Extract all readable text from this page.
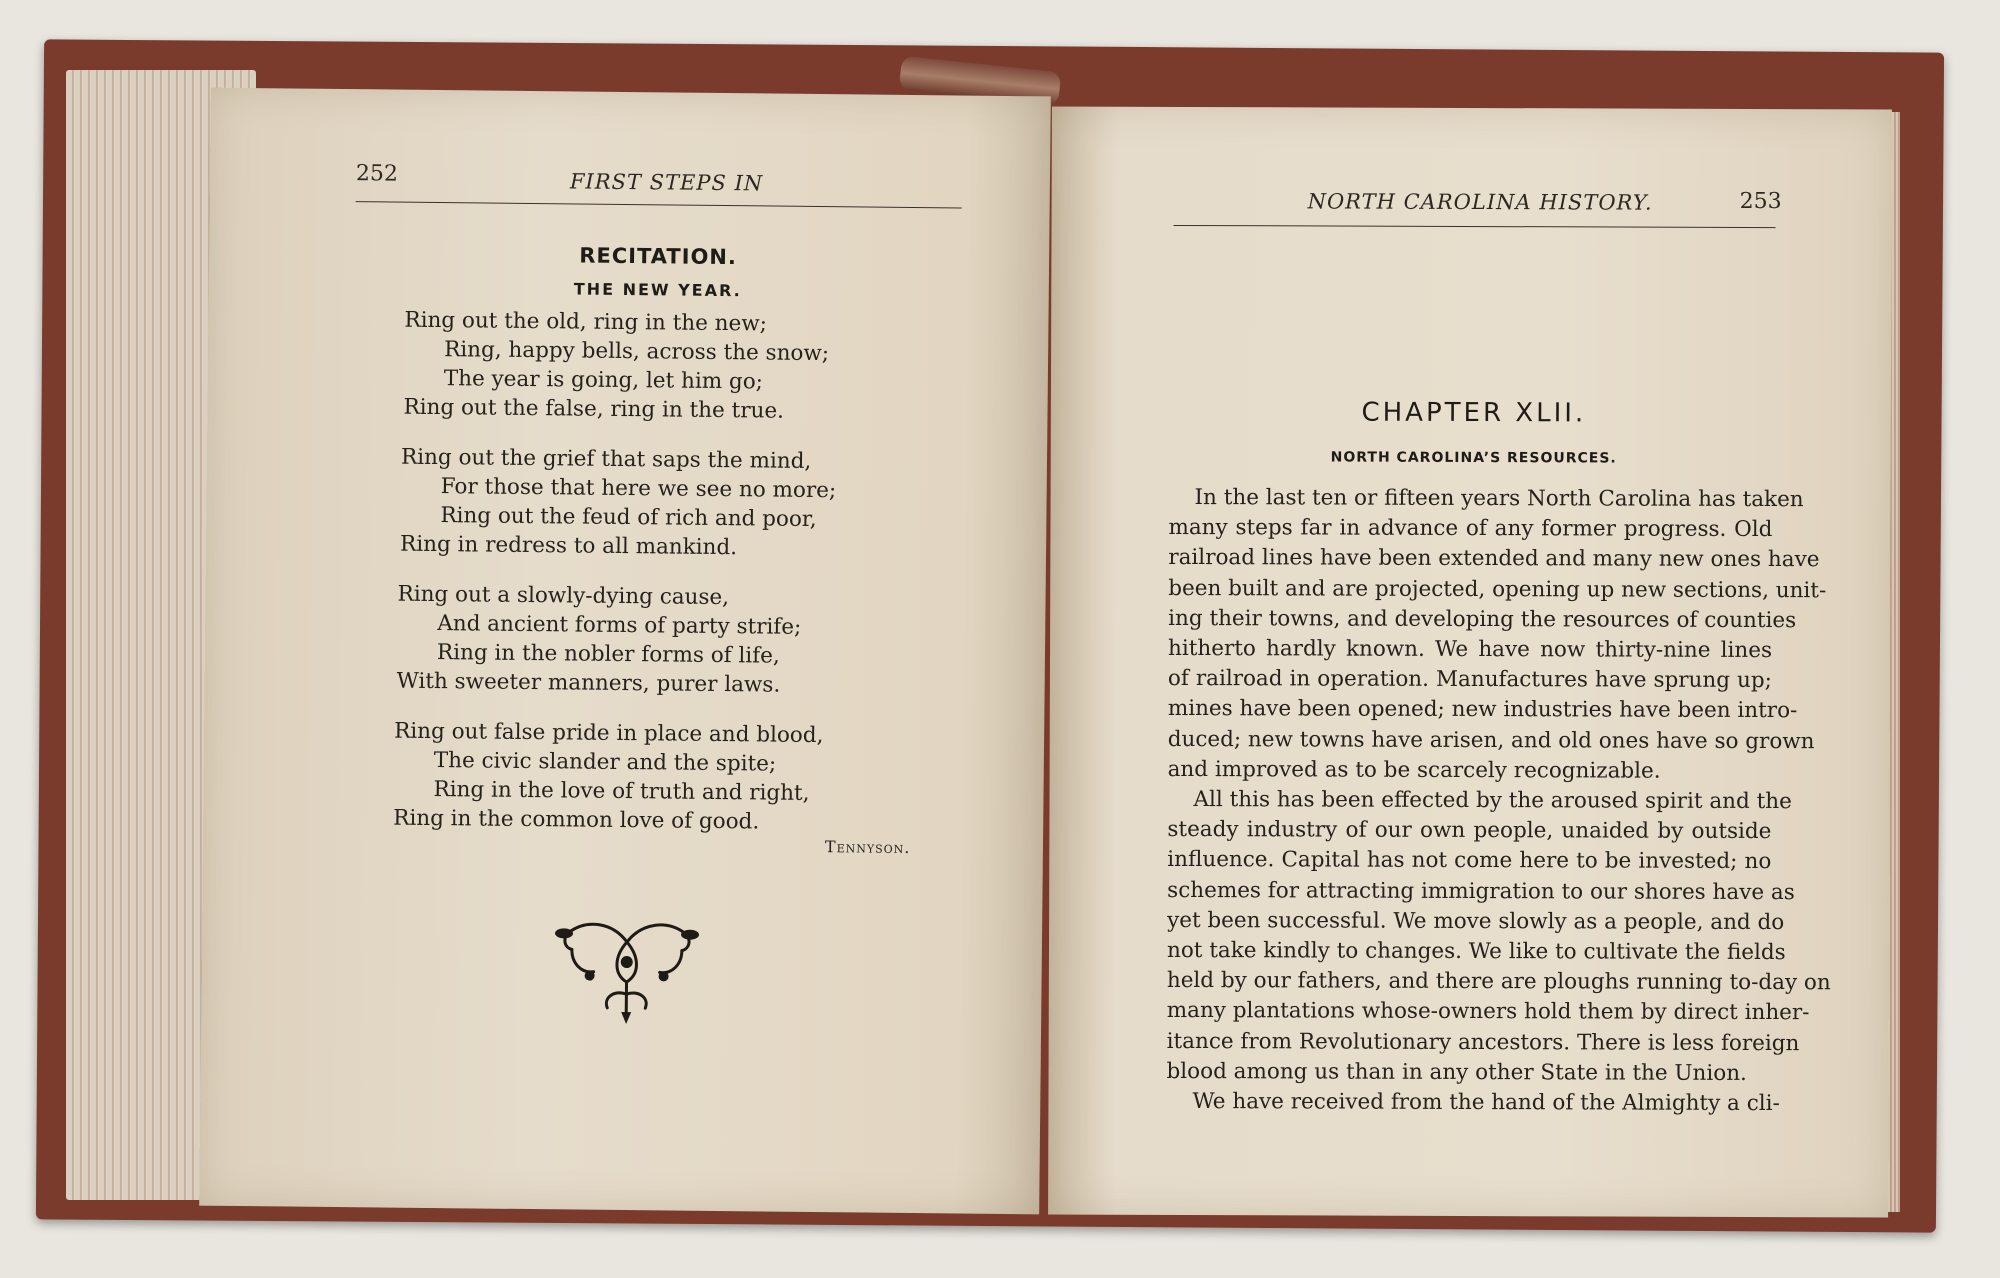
252	FIRST STEPS IN
RECITATION.
THE NEW YEAR.
Ring out the old, ring in the new;
Ring, happy bells, across the snow;
The year is going, let him go;
Ring out the false, ring in the true.
Ring out the grief that saps the mind,
For those that here we see no more;
Ring out the feud of rich and poor,
Ring in redress to all mankind.
Ring out a slowly-dying cause,
And ancient forms of party strife;
Ring in the nobler forms of life,
With sweeter manners, purer laws.
Ring out false pride in place and blood,
The civic slander and the spite;
Ring in the love of truth and right,
Ring in the common love of good.
Tennyson.
NORTH CAROLINA HISTORY.	253
CHAPTER XLII.
NORTH CAROLINA’S RESOURCES.
In the last ten or fifteen years North Carolina has taken
many steps far in advance of any former progress. Old
railroad lines have been extended and many new ones have
been built and are projected, opening up new sections, unit-
ing their towns, and developing the resources of counties
hitherto hardly known. We have now thirty-nine lines
of railroad in operation. Manufactures have sprung up;
mines have been opened; new industries have been intro-
duced; new towns have arisen, and old ones have so grown
and improved as to be scarcely recognizable.
All this has been effected by the aroused spirit and the
steady industry of our own people, unaided by outside
influence. Capital has not come here to be invested; no
schemes for attracting immigration to our shores have as
yet been successful. We move slowly as a people, and do
not take kindly to changes. We like to cultivate the fields
held by our fathers, and there are ploughs running to-day on
many plantations whose-owners hold them by direct inher-
itance from Revolutionary ancestors. There is less foreign
blood among us than in any other State in the Union.
We have received from the hand of the Almighty a cli-
